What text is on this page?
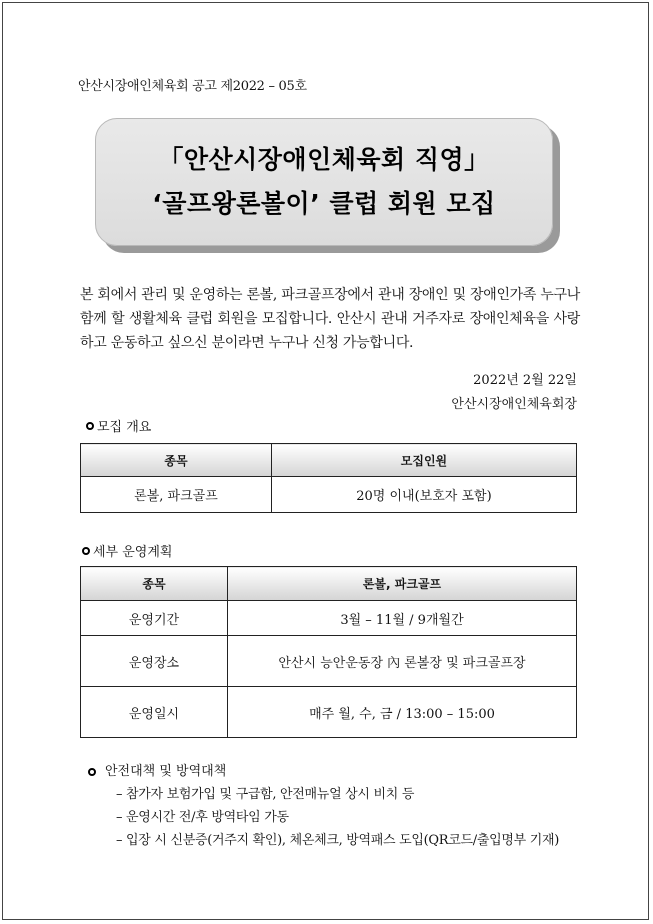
안산시장애인체육회 공고 제2022 – 05호
「안산시장애인체육회 직영」
‘골프왕론볼이’ 클럽 회원 모집
본 회에서 관리 및 운영하는 론볼, 파크골프장에서 관내 장애인 및 장애인가족 누구나 함께 할 생활체육 클럽 회원을 모집합니다. 안산시 관내 거주자로 장애인체육을 사랑하고 운동하고 싶으신 분이라면 누구나 신청 가능합니다.
2022년 2월 22일
안산시장애인체육회장
모집 개요
종목	모집인원
론볼, 파크골프	20명 이내(보호자 포함)
세부 운영계획
종목	론볼, 파크골프
운영기간	3월 – 11월 / 9개월간
운영장소	안산시 능안운동장 內 론볼장 및 파크골프장
운영일시	매주 월, 수, 금 / 13:00 – 15:00
안전대책 및 방역대책
– 참가자 보험가입 및 구급함, 안전매뉴얼 상시 비치 등
– 운영시간 전/후 방역타임 가동
– 입장 시 신분증(거주지 확인), 체온체크, 방역패스 도입(QR코드/출입명부 기재)
